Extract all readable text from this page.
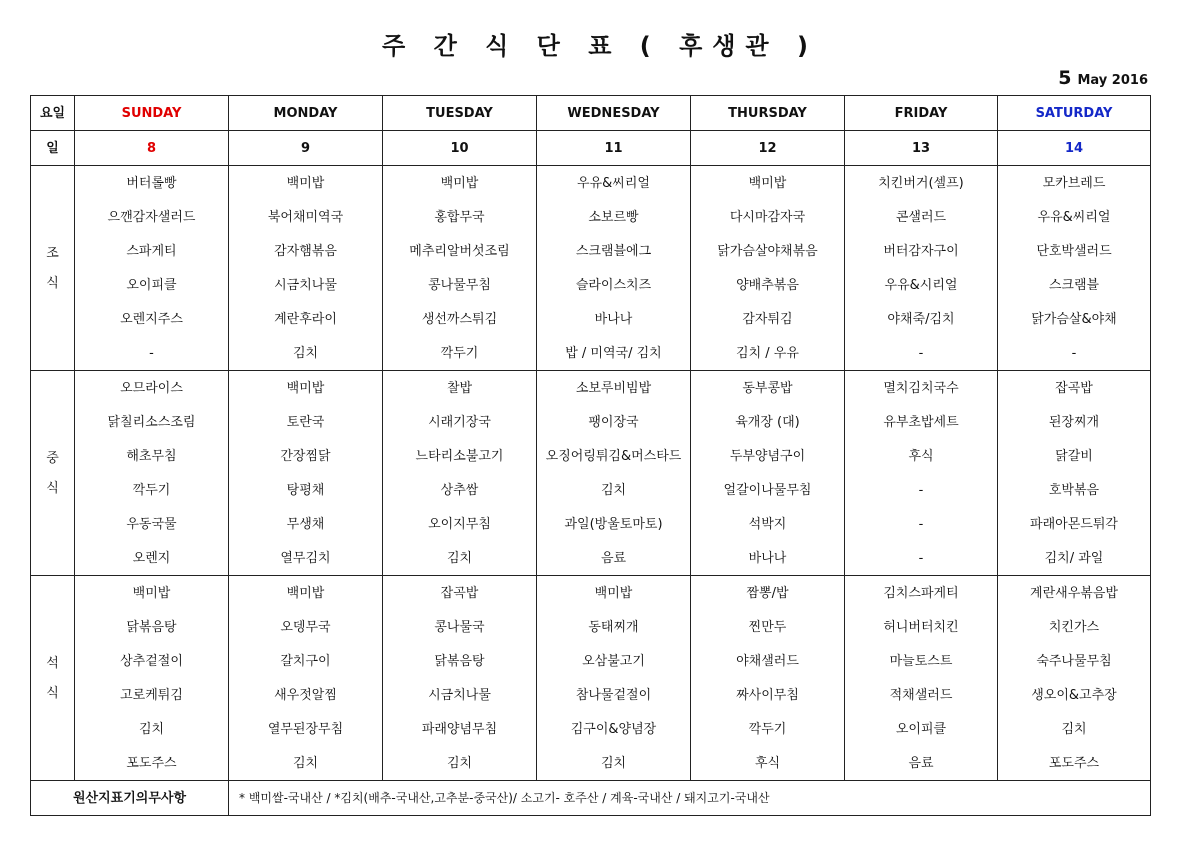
주 간 식 단 표 ( 후생관 )
5 May 2016
요일	SUNDAY	MONDAY	TUESDAY	WEDNESDAY	THURSDAY	FRIDAY	SATURDAY
일	8	9	10	11	12	13	14
조

식	버터롤빵	백미밥	백미밥	우유&씨리얼	백미밥	치킨버거(셀프)	모카브레드
	으깬감자샐러드	북어채미역국	홍합무국	소보르빵	다시마감자국	콘샐러드	우유&씨리얼
	스파게티	감자햄볶음	메추리알버섯조림	스크램블에그	닭가슴살야채볶음	버터감자구이	단호박샐러드
	오이피클	시금치나물	콩나물무침	슬라이스치즈	양배추볶음	우유&시리얼	스크램블
	오렌지주스	계란후라이	생선까스튀김	바나나	감자튀김	야채죽/김치	닭가슴살&야채
	-	김치	깍두기	밥 / 미역국/ 김치	김치 / 우유	-	-
중

식	오므라이스	백미밥	찰밥	소보루비빔밥	동부콩밥	멸치김치국수	잡곡밥
	닭칠리소스조림	토란국	시래기장국	팽이장국	육개장 (대)	유부초밥세트	된장찌개
	해초무침	간장찜닭	느타리소불고기	오징어링튀김&머스타드	두부양념구이	후식	닭갈비
	깍두기	탕평채	상추쌈	김치	얼갈이나물무침	-	호박볶음
	우동국물	무생채	오이지무침	과일(방울토마토)	석박지	-	파래아몬드튀각
	오렌지	열무김치	김치	음료	바나나	-	김치/ 과일
석

식	백미밥	백미밥	잡곡밥	백미밥	짬뽕/밥	김치스파게티	계란새우볶음밥
	닭볶음탕	오뎅무국	콩나물국	동태찌개	찐만두	허니버터치킨	치킨가스
	상추겉절이	갈치구이	닭볶음탕	오삼불고기	야채샐러드	마늘토스트	숙주나물무침
	고로케튀김	새우젓알찜	시금치나물	참나물겉절이	짜사이무침	적채샐러드	생오이&고추장
	김치	열무된장무침	파래양념무침	김구이&양념장	깍두기	오이피클	김치
	포도주스	김치	김치	김치	후식	음료	포도주스
원산지표기의무사항		* 백미쌀-국내산 / *김치(배추-국내산,고추분-중국산)/ 소고기- 호주산 / 계육-국내산 / 돼지고기-국내산					
